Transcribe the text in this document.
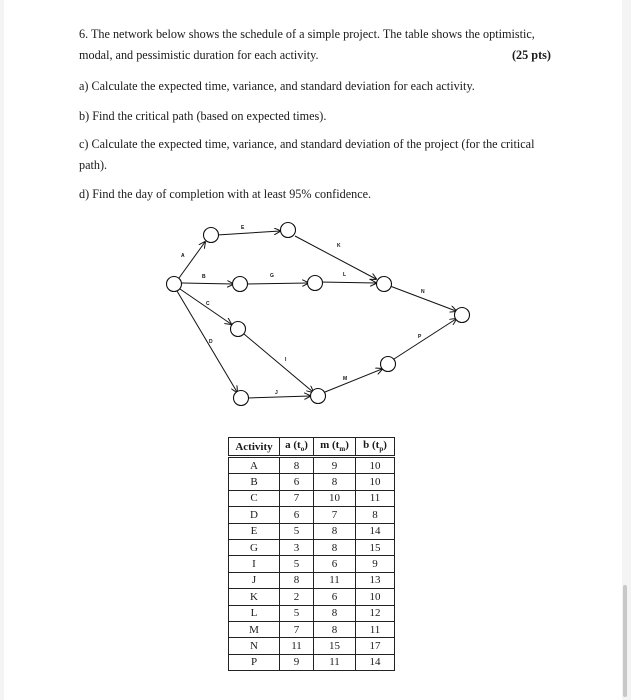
6. The network below shows the schedule of a simple project. The table shows the optimistic,
modal, and pessimistic duration for each activity.	(25 pts)
a) Calculate the expected time, variance, and standard deviation for each activity.
b) Find the critical path (based on expected times).
c) Calculate the expected time, variance, and standard deviation of the project (for the critical
path).
d) Find the day of completion with at least 95% confidence.
A
E
K
B	G	L
N
C
D
I
J
M
P
Activity	a $(t_o)$	m $(t_m)$	b $(t_p)$
A	8	9	10
B	6	8	10
C	7	10	11
D	6	7	8
E	5	8	14
G	3	8	15
I	5	6	9
J	8	11	13
K	2	6	10
L	5	8	12
M	7	8	11
N	11	15	17
P	9	11	14
